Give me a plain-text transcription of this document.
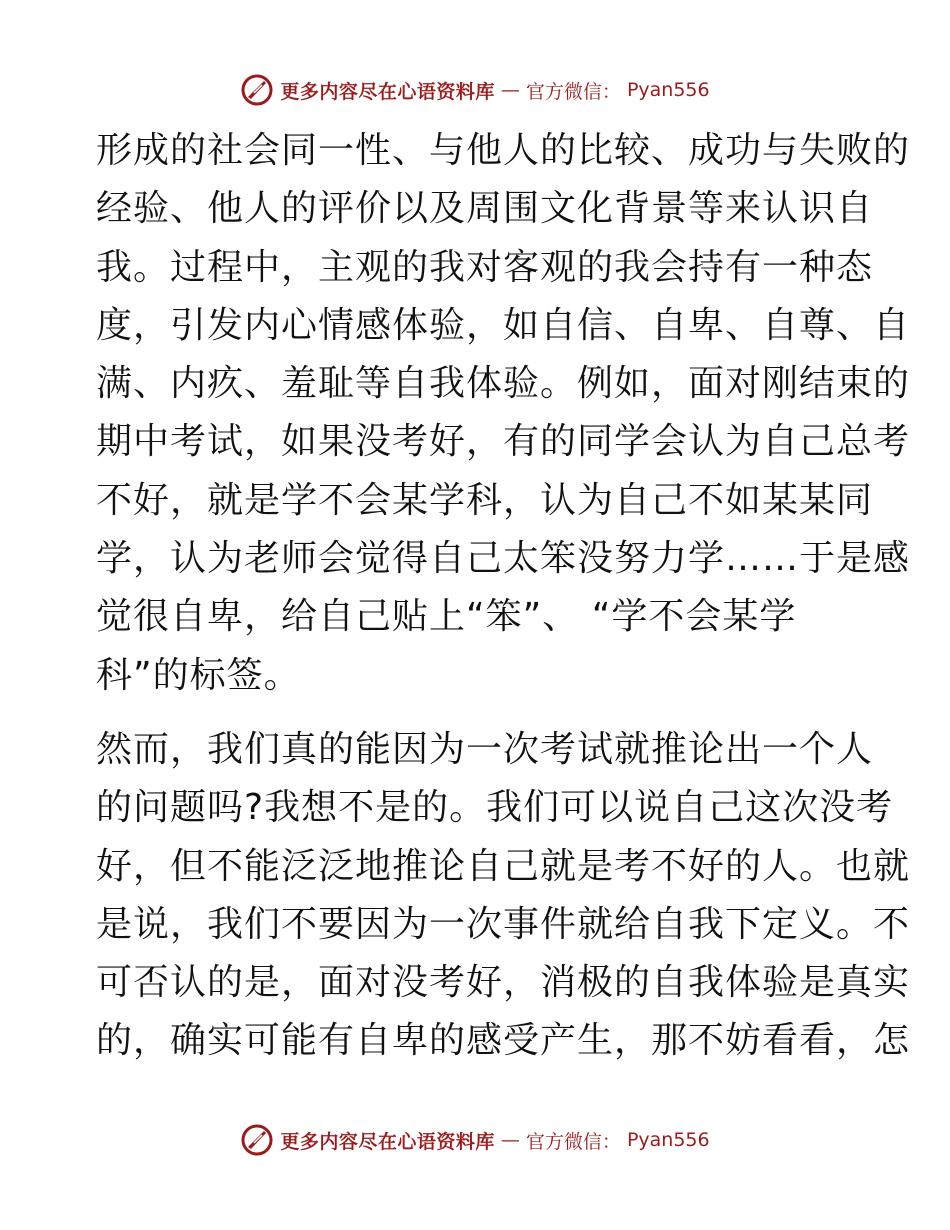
更多内容尽在心语资料库 — 官方微信： Pyan556

形成的社会同一性、与他人的比较、成功与失败的
经验、他人的评价以及周围文化背景等来认识自
我。过程中，主观的我对客观的我会持有一种态
度，引发内心情感体验，如自信、自卑、自尊、自
满、内疚、羞耻等自我体验。例如，面对刚结束的
期中考试，如果没考好，有的同学会认为自己总考
不好，就是学不会某学科，认为自己不如某某同
学，认为老师会觉得自己太笨没努力学……于是感
觉很自卑，给自己贴上“笨”、 “学不会某学
科”的标签。

然而，我们真的能因为一次考试就推论出一个人
的问题吗?我想不是的。我们可以说自己这次没考
好，但不能泛泛地推论自己就是考不好的人。也就
是说，我们不要因为一次事件就给自我下定义。不
可否认的是，面对没考好，消极的自我体验是真实
的，确实可能有自卑的感受产生，那不妨看看，怎

更多内容尽在心语资料库 — 官方微信： Pyan556
